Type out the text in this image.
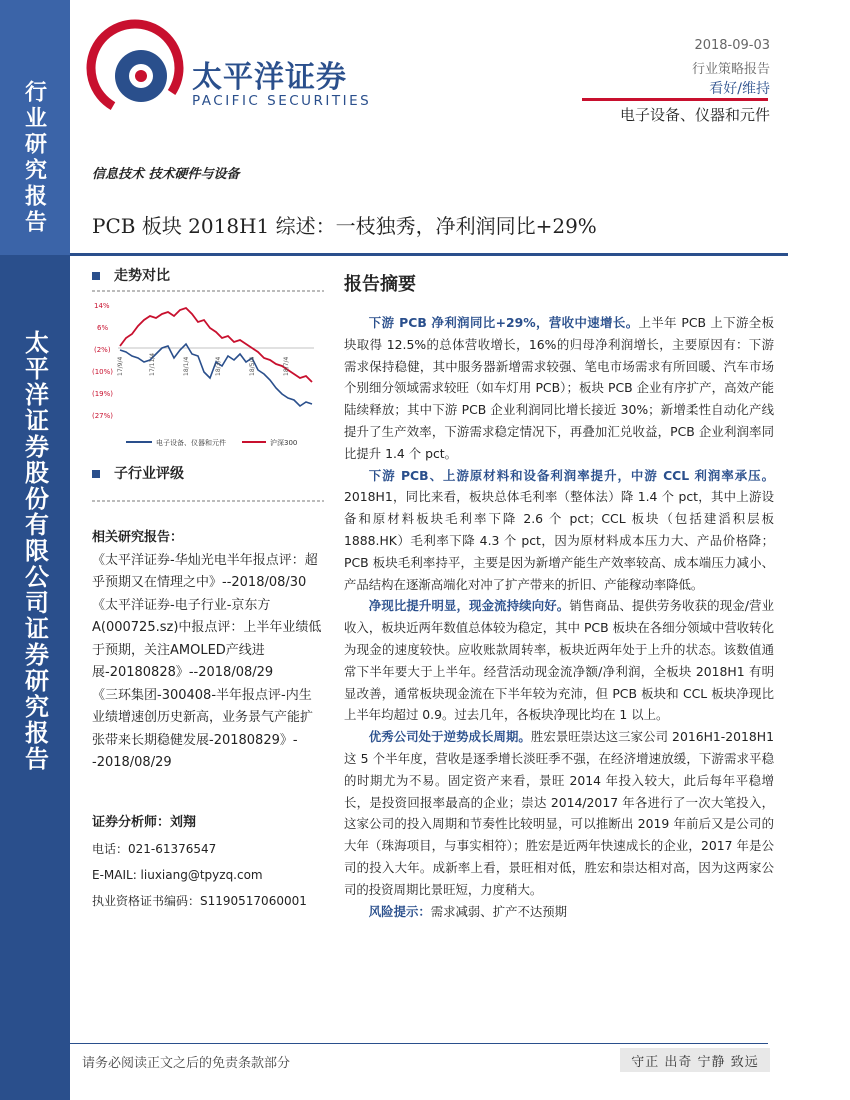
行业研究报告
太平洋证券股份有限公司证券研究报告
太平洋证券
PACIFIC SECURITIES
2018-09-03
行业策略报告
看好/维持
电子设备、仪器和元件
信息技术 技术硬件与设备
PCB 板块 2018H1 综述：一枝独秀，净利润同比+29%
走势对比
14%
6%
(2%)
(10%)
(19%)
(27%)
17/9/4	17/11/4	18/1/4	18/3/4	18/5/4	18/7/4
电子设备、仪器和元件	沪深300
子行业评级
相关研究报告：
《太平洋证券-华灿光电半年报点评：超乎预期又在情理之中》--2018/08/30
《太平洋证券-电子行业-京东方A(000725.sz)中报点评：上半年业绩低于预期，关注AMOLED产线进展-20180828》--2018/08/29
《三环集团-300408-半年报点评-内生业绩增速创历史新高，业务景气产能扩张带来长期稳健发展-20180829》--2018/08/29
证券分析师：刘翔
电话：021-61376547
E-MAIL: liuxiang@tpyzq.com
执业资格证书编码：S1190517060001
报告摘要

下游 PCB 净利润同比+29%，营收中速增长。上半年 PCB 上下游全板块取得 12.5%的总体营收增长，16%的归母净利润增长，主要原因有：下游需求保持稳健，其中服务器新增需求较强、笔电市场需求有所回暖、汽车市场个别细分领域需求较旺（如车灯用 PCB）；板块 PCB 企业有序扩产，高效产能陆续释放；其中下游 PCB 企业利润同比增长接近 30%；新增柔性自动化产线提升了生产效率，下游需求稳定情况下，再叠加汇兑收益，PCB 企业利润率同比提升 1.4 个 pct。

下游 PCB、上游原材料和设备利润率提升，中游 CCL 利润率承压。2018H1，同比来看，板块总体毛利率（整体法）降 1.4 个 pct，其中上游设备和原材料板块毛利率下降 2.6 个 pct；CCL 板块（包括建滔积层板 1888.HK）毛利率下降 4.3 个 pct，因为原材料成本压力大、产品价格降；PCB 板块毛利率持平，主要是因为新增产能生产效率较高、成本端压力减小、产品结构在逐渐高端化对冲了扩产带来的折旧、产能稼动率降低。

净现比提升明显，现金流持续向好。销售商品、提供劳务收获的现金/营业收入，板块近两年数值总体较为稳定，其中 PCB 板块在各细分领域中营收转化为现金的速度较快。应收账款周转率，板块近两年处于上升的状态。该数值通常下半年要大于上半年。经营活动现金流净额/净利润，全板块 2018H1 有明显改善，通常板块现金流在下半年较为充沛，但 PCB 板块和 CCL 板块净现比上半年均超过 0.9。过去几年，各板块净现比均在 1 以上。

优秀公司处于逆势成长周期。胜宏景旺崇达这三家公司 2016H1-2018H1 这 5 个半年度，营收是逐季增长淡旺季不强，在经济增速放缓，下游需求平稳的时期尤为不易。固定资产来看，景旺 2014 年投入较大，此后每年平稳增长，是投资回报率最高的企业；崇达 2014/2017 年各进行了一次大笔投入，这家公司的投入周期和节奏性比较明显，可以推断出 2019 年前后又是公司的大年（珠海项目，与事实相符）；胜宏是近两年快速成长的企业，2017 年是公司的投入大年。成新率上看，景旺相对低，胜宏和崇达相对高，因为这两家公司的投资周期比景旺短，力度稍大。

风险提示：需求减弱、扩产不达预期

请务必阅读正文之后的免责条款部分	守正 出奇 宁静 致远
